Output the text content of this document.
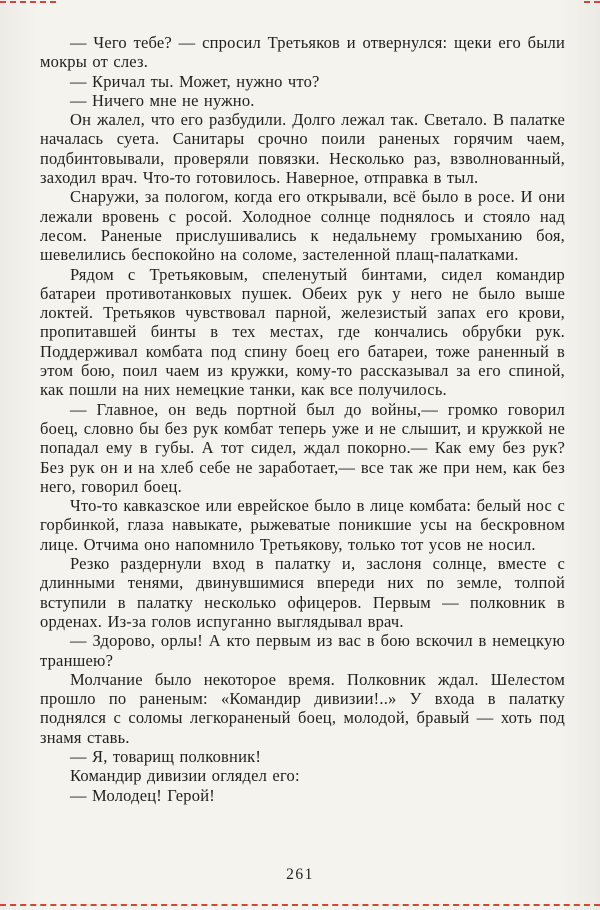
— Чего тебе? — спросил Третьяков и отвернулся: щеки его были мокры от слез.

— Кричал ты. Может, нужно что?

— Ничего мне не нужно.

Он жалел, что его разбудили. Долго лежал так. Светало. В палатке началась суета. Санитары срочно поили раненых горячим чаем, подбинтовывали, проверяли повязки. Несколько раз, взволнованный, заходил врач. Что-то готовилось. Наверное, отправка в тыл.

Снаружи, за пологом, когда его открывали, всё было в росе. И они лежали вровень с росой. Холодное солнце поднялось и стояло над лесом. Раненые прислушивались к недальнему громыханию боя, шевелились беспокойно на соломе, застеленной плащ-палатками.

Рядом с Третьяковым, спеленутый бинтами, сидел командир батареи противотанковых пушек. Обеих рук у него не было выше локтей. Третьяков чувствовал парной, железистый запах его крови, пропитавшей бинты в тех местах, где кончались обрубки рук. Поддерживал комбата под спину боец его батареи, тоже раненный в этом бою, поил чаем из кружки, кому-то рассказывал за его спиной, как пошли на них немецкие танки, как все получилось.

— Главное, он ведь портной был до войны,— громко говорил боец, словно бы без рук комбат теперь уже и не слышит, и кружкой не попадал ему в губы. А тот сидел, ждал покорно.— Как ему без рук? Без рук он и на хлеб себе не заработает,— все так же при нем, как без него, говорил боец.

Что-то кавказское или еврейское было в лице комбата: белый нос с горбинкой, глаза навыкате, рыжеватые поникшие усы на бескровном лице. Отчима оно напомнило Третьякову, только тот усов не носил.

Резко раздернули вход в палатку и, заслоня солнце, вместе с длинными тенями, двинувшимися впереди них по земле, толпой вступили в палатку несколько офицеров. Первым — полковник в орденах. Из-за голов испуганно выглядывал врач.

— Здорово, орлы! А кто первым из вас в бою вскочил в немецкую траншею?

Молчание было некоторое время. Полковник ждал. Шелестом прошло по раненым: «Командир дивизии!..» У входа в палатку поднялся с соломы легкораненый боец, молодой, бравый — хоть под знамя ставь.

— Я, товарищ полковник!

Командир дивизии оглядел его:

— Молодец! Герой!

261
